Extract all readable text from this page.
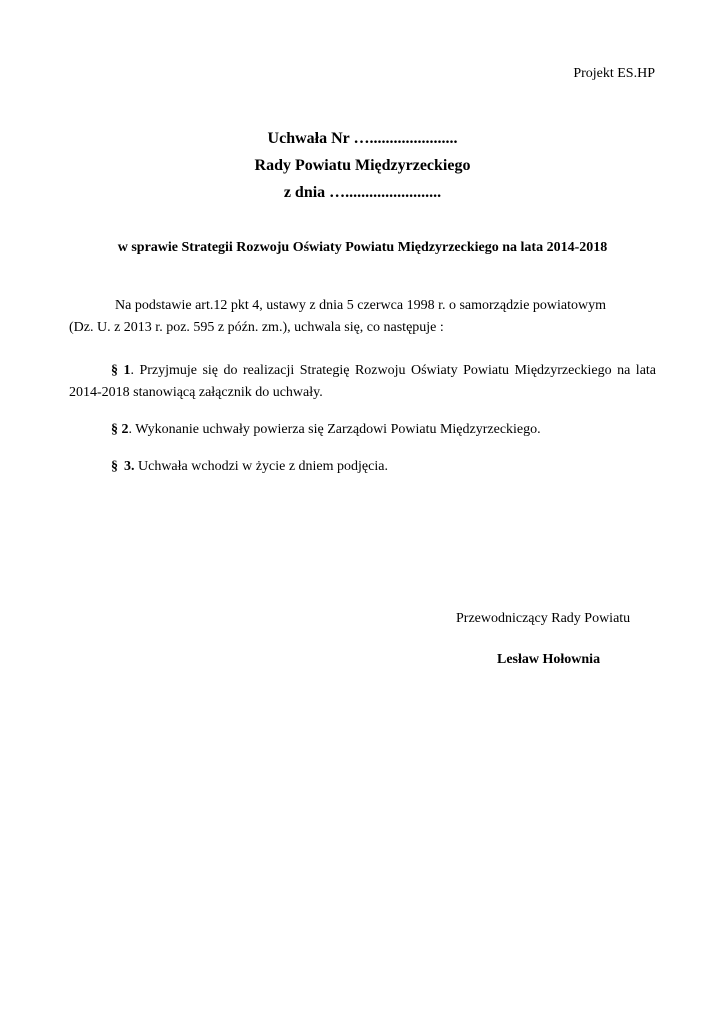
Projekt ES.HP
Uchwała Nr …......................
Rady Powiatu Międzyrzeckiego
z dnia …........................
w sprawie Strategii Rozwoju Oświaty Powiatu Międzyrzeckiego na lata 2014-2018
Na podstawie art.12 pkt 4, ustawy z dnia 5 czerwca 1998 r. o samorządzie powiatowym
(Dz. U. z 2013 r. poz. 595 z późn. zm.), uchwala się, co następuje :
§ 1. Przyjmuje się do realizacji Strategię Rozwoju Oświaty Powiatu Międzyrzeckiego na lata 2014-2018 stanowiącą załącznik do uchwały.
§ 2. Wykonanie uchwały powierza się Zarządowi Powiatu Międzyrzeckiego.
§ 3. Uchwała wchodzi w życie z dniem podjęcia.
Przewodniczący Rady Powiatu
Lesław Hołownia
